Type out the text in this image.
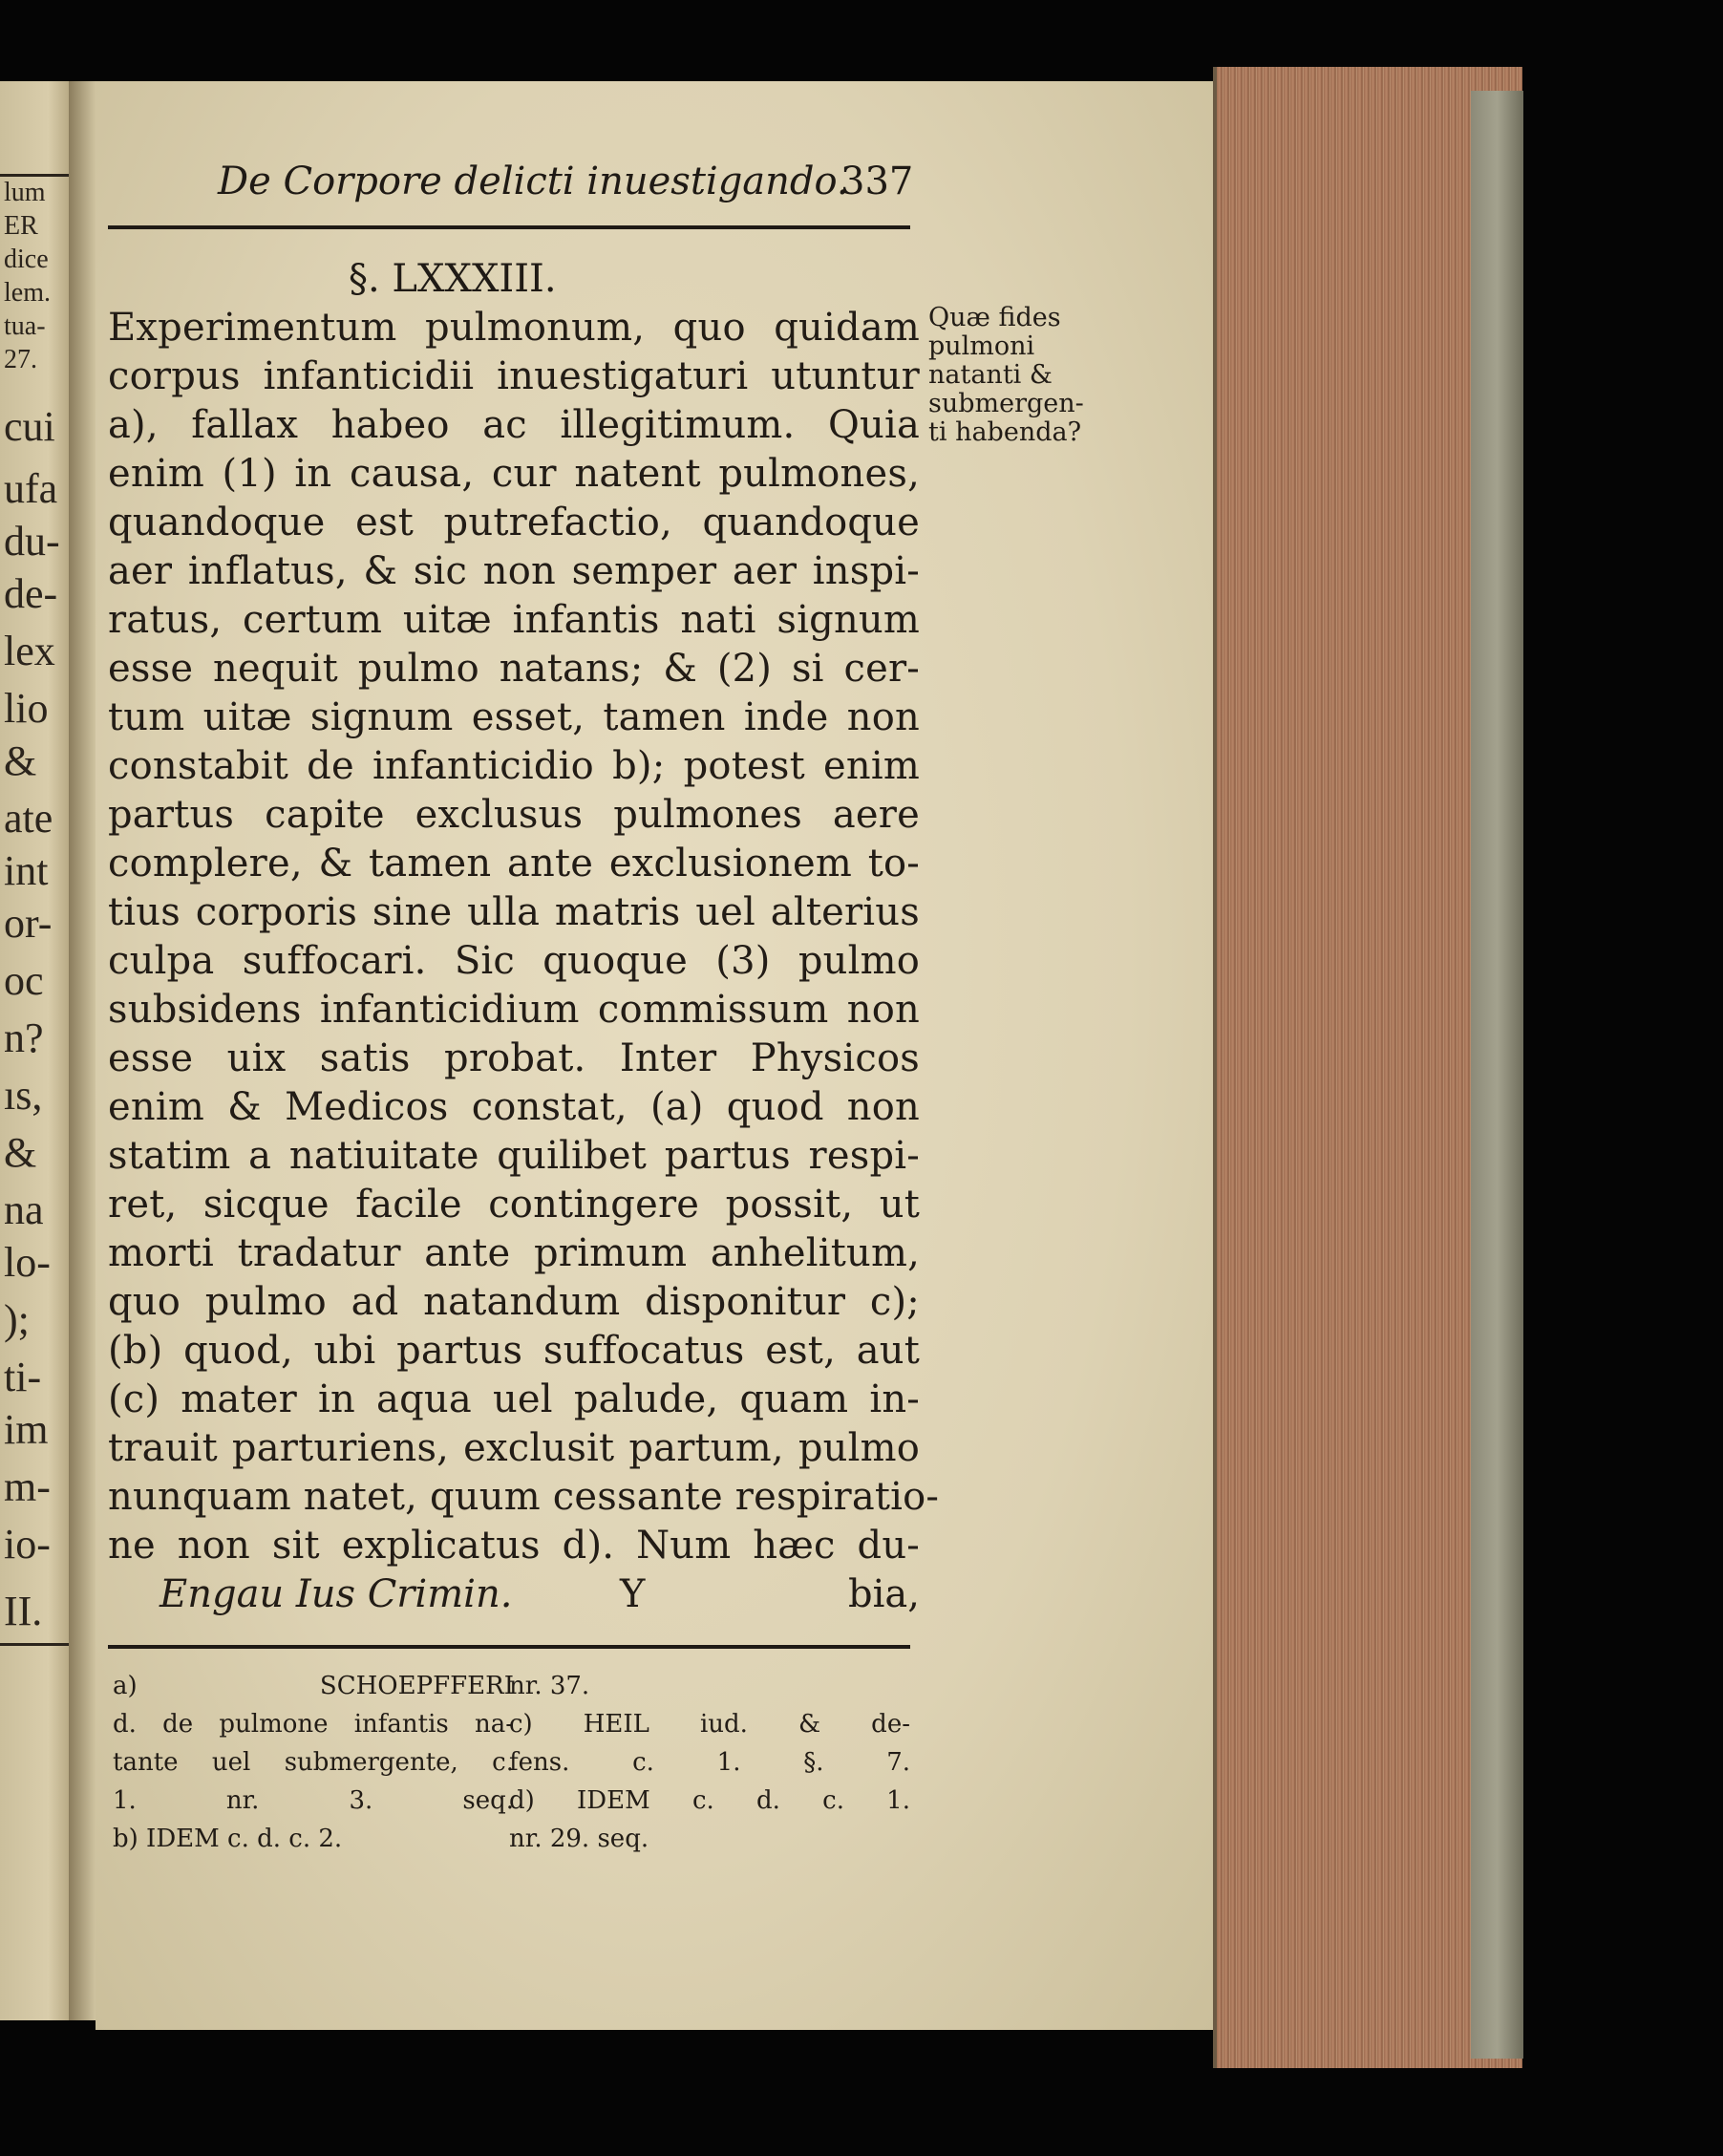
lum
ER
dice
lem.
tua-
27.
cui
ufa
du-
de-
lex
lio
&
ate
int
or-
oc
n?
ıs,
&
na
lo-
);
ti-
im
m-
io-
II.
De Corpore delicti inuestigando.
337
§. LXXXIII.
Quæ fides
pulmoni
natanti &
submergen-
ti habenda?
Experimentum pulmonum, quo quidam
corpus infanticidii inuestigaturi utuntur
a), fallax habeo ac illegitimum. Quia
enim (1) in causa, cur natent pulmones,
quandoque est putrefactio, quandoque
aer inflatus, & sic non semper aer inspi-
ratus, certum uitæ infantis nati signum
esse nequit pulmo natans; & (2) si cer-
tum uitæ signum esset, tamen inde non
constabit de infanticidio b); potest enim
partus capite exclusus pulmones aere
complere, & tamen ante exclusionem to-
tius corporis sine ulla matris uel alterius
culpa suffocari. Sic quoque (3) pulmo
subsidens infanticidium commissum non
esse uix satis probat. Inter Physicos
enim & Medicos constat, (a) quod non
statim a natiuitate quilibet partus respi-
ret, sicque facile contingere possit, ut
morti tradatur ante primum anhelitum,
quo pulmo ad natandum disponitur c);
(b) quod, ubi partus suffocatus est, aut
(c) mater in aqua uel palude, quam in-
trauit parturiens, exclusit partum, pulmo
nunquam natet, quum cessante respiratio-
ne non sit explicatus d). Num hæc du-
Engau Ius Crimin.	Y	bia,
a) SCHOEPFFERI
d. de pulmone infantis na-
tante uel submergente, c.
1. nr. 3. seq.
b) IDEM c. d. c. 2.
nr. 37.
c) HEIL iud. & de-
fens. c. 1. §. 7.
d) IDEM c. d. c. 1.
nr. 29. seq.
